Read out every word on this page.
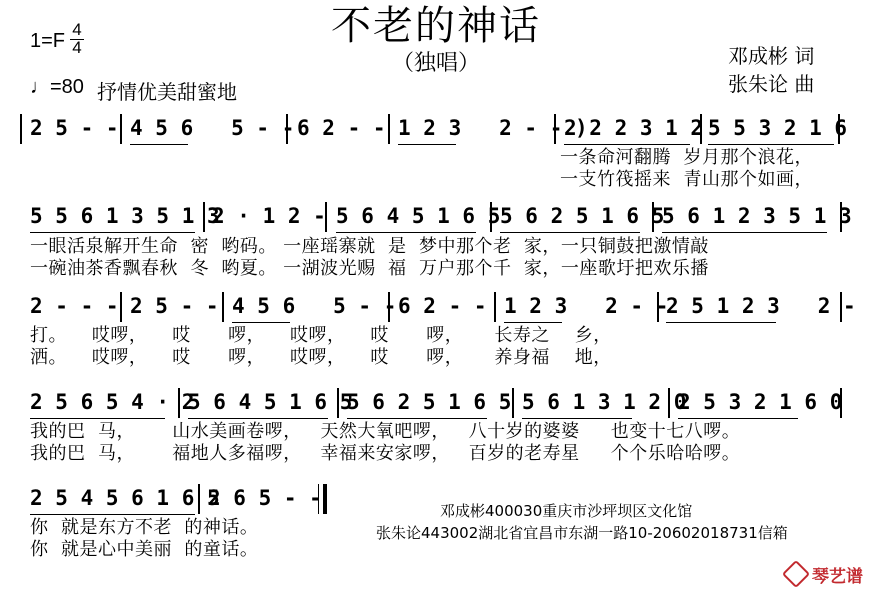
不老的神话
（独唱）
1=F
4
4
♩=80 抒情优美甜蜜地
邓成彬 词
张朱论 曲
2 5 - - 4 5 6   5 - - 6 2 - - 1 2 3   2 - - )
2 2 2 3 1 2 5 5 3 2 1 6
一条命河翻腾  岁月那个浪花，
一支竹筏摇来  青山那个如画，
5 5 6 1 3 5 1 3
2 · 1 2 - 5 6 4 5 1 6 5 5 6 2 5 1 6 5
5 6 1 2 3 5 1 3
一眼活泉解开生命  密  哟码。 一座瑶寨就  是  梦中那个老  家，一只铜鼓把激情敲
一碗油茶香飘春秋  冬  哟夏。 一湖波光赐  福  万户那个千  家，一座歌圩把欢乐播
2 - - - 2 5 - - 4 5 6   5 - - 6 2 - - 1 2 3   2 - -
2 5 1 2 3   2 -
打。    哎啰，    哎      啰，    哎啰，    哎      啰，     长寿之    乡，
洒。    哎啰，    哎      啰，    哎啰，    哎      啰，     养身福    地，
2 5 6 5 4 · 2
5 6 4 5 1 6 5
5 6 2 5 1 6 5 5 6 1 3 1 2 0
2 5 3 2 1 6 0
我的巴  马，      山水美画卷啰，   天然大氧吧啰，   八十岁的婆婆     也变十七八啰。
我的巴  马，      福地人多福啰，   幸福来安家啰，   百岁的老寿星     个个乐哈哈啰。
2 5 4 5 6 1 6 5
2 6 5 - -
你  就是东方不老  的神话。
你  就是心中美丽  的童话。
邓成彬400030重庆市沙坪坝区文化馆
张朱论443002湖北省宜昌市东湖一路10-20602018731信箱
琴艺谱
